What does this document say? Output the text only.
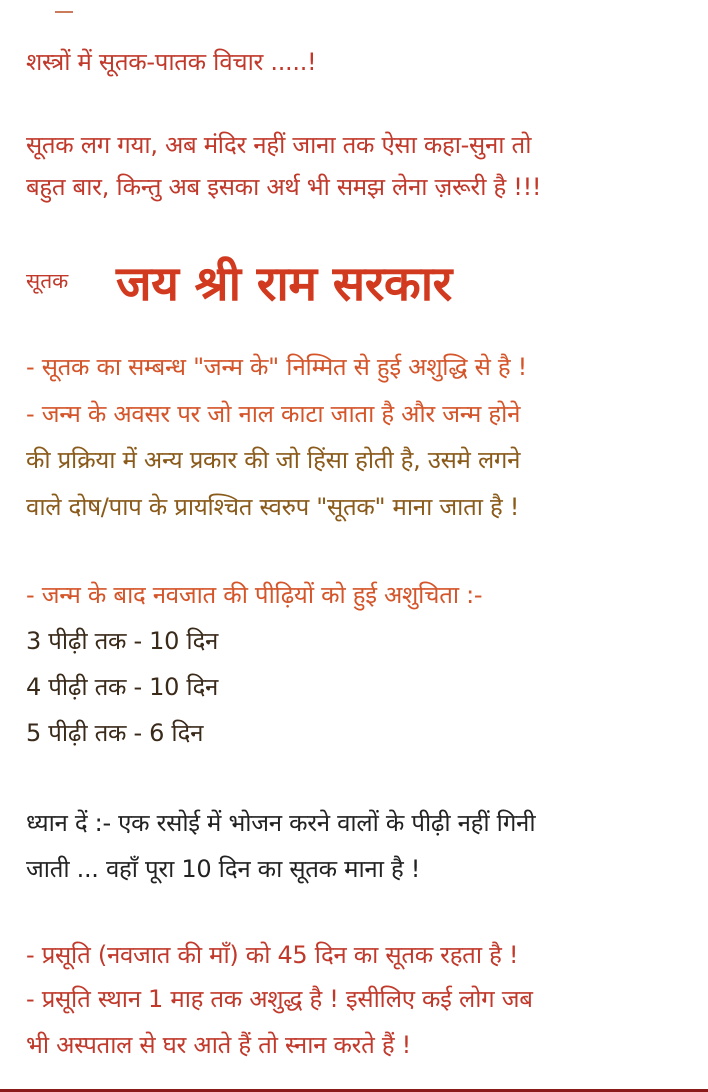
शस्त्रों में सूतक-पातक विचार .....!
सूतक लग गया, अब मंदिर नहीं जाना तक ऐसा कहा-सुना तो
बहुत बार, किन्तु अब इसका अर्थ भी समझ लेना ज़रूरी है !!!
सूतक जय श्री राम सरकार
- सूतक का सम्बन्ध "जन्म के" निम्मित से हुई अशुद्धि से है !
- जन्म के अवसर पर जो नाल काटा जाता है और जन्म होने
की प्रक्रिया में अन्य प्रकार की जो हिंसा होती है, उसमे लगने
वाले दोष/पाप के प्रायश्चित स्वरुप "सूतक" माना जाता है !
- जन्म के बाद नवजात की पीढ़ियों को हुई अशुचिता :-
3 पीढ़ी तक - 10 दिन
4 पीढ़ी तक - 10 दिन
5 पीढ़ी तक - 6 दिन
ध्यान दें :- एक रसोई में भोजन करने वालों के पीढ़ी नहीं गिनी
जाती ... वहाँ पूरा 10 दिन का सूतक माना है !
- प्रसूति (नवजात की माँ) को 45 दिन का सूतक रहता है !
- प्रसूति स्थान 1 माह तक अशुद्ध है ! इसीलिए कई लोग जब
भी अस्पताल से घर आते हैं तो स्नान करते हैं !
